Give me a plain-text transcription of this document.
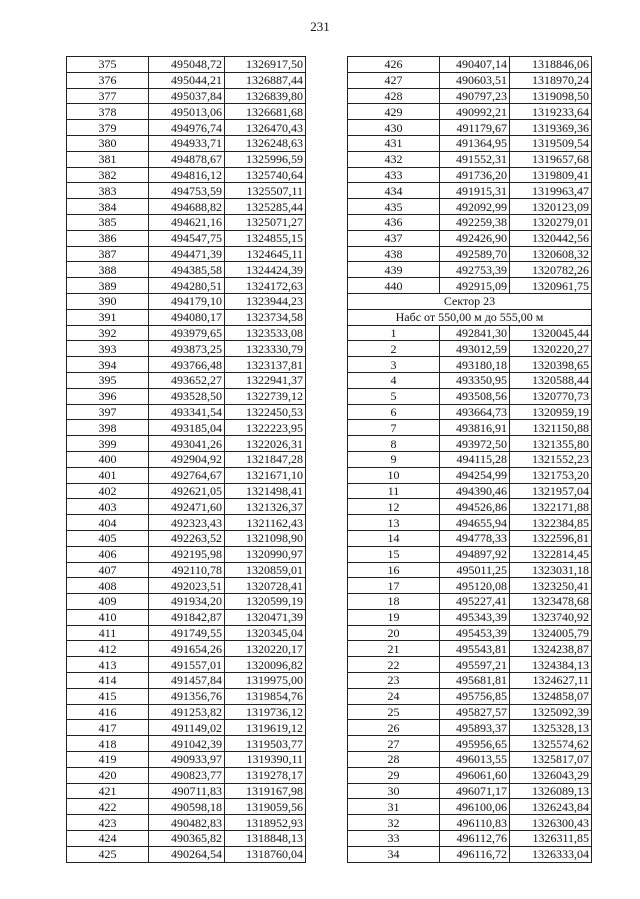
231
375	495048,72	1326917,50
376	495044,21	1326887,44
377	495037,84	1326839,80
378	495013,06	1326681,68
379	494976,74	1326470,43
380	494933,71	1326248,63
381	494878,67	1325996,59
382	494816,12	1325740,64
383	494753,59	1325507,11
384	494688,82	1325285,44
385	494621,16	1325071,27
386	494547,75	1324855,15
387	494471,39	1324645,11
388	494385,58	1324424,39
389	494280,51	1324172,63
390	494179,10	1323944,23
391	494080,17	1323734,58
392	493979,65	1323533,08
393	493873,25	1323330,79
394	493766,48	1323137,81
395	493652,27	1322941,37
396	493528,50	1322739,12
397	493341,54	1322450,53
398	493185,04	1322223,95
399	493041,26	1322026,31
400	492904,92	1321847,28
401	492764,67	1321671,10
402	492621,05	1321498,41
403	492471,60	1321326,37
404	492323,43	1321162,43
405	492263,52	1321098,90
406	492195,98	1320990,97
407	492110,78	1320859,01
408	492023,51	1320728,41
409	491934,20	1320599,19
410	491842,87	1320471,39
411	491749,55	1320345,04
412	491654,26	1320220,17
413	491557,01	1320096,82
414	491457,84	1319975,00
415	491356,76	1319854,76
416	491253,82	1319736,12
417	491149,02	1319619,12
418	491042,39	1319503,77
419	490933,97	1319390,11
420	490823,77	1319278,17
421	490711,83	1319167,98
422	490598,18	1319059,56
423	490482,83	1318952,93
424	490365,82	1318848,13
425	490264,54	1318760,04
426	490407,14	1318846,06
427	490603,51	1318970,24
428	490797,23	1319098,50
429	490992,21	1319233,64
430	491179,67	1319369,36
431	491364,95	1319509,54
432	491552,31	1319657,68
433	491736,20	1319809,41
434	491915,31	1319963,47
435	492092,99	1320123,09
436	492259,38	1320279,01
437	492426,90	1320442,56
438	492589,70	1320608,32
439	492753,39	1320782,26
440	492915,09	1320961,75
Сектор 23		
Набс от 550,00 м до 555,00 м		
1	492841,30	1320045,44
2	493012,59	1320220,27
3	493180,18	1320398,65
4	493350,95	1320588,44
5	493508,56	1320770,73
6	493664,73	1320959,19
7	493816,91	1321150,88
8	493972,50	1321355,80
9	494115,28	1321552,23
10	494254,99	1321753,20
11	494390,46	1321957,04
12	494526,86	1322171,88
13	494655,94	1322384,85
14	494778,33	1322596,81
15	494897,92	1322814,45
16	495011,25	1323031,18
17	495120,08	1323250,41
18	495227,41	1323478,68
19	495343,39	1323740,92
20	495453,39	1324005,79
21	495543,81	1324238,87
22	495597,21	1324384,13
23	495681,81	1324627,11
24	495756,85	1324858,07
25	495827,57	1325092,39
26	495893,37	1325328,13
27	495956,65	1325574,62
28	496013,55	1325817,07
29	496061,60	1326043,29
30	496071,17	1326089,13
31	496100,06	1326243,84
32	496110,83	1326300,43
33	496112,76	1326311,85
34	496116,72	1326333,04
